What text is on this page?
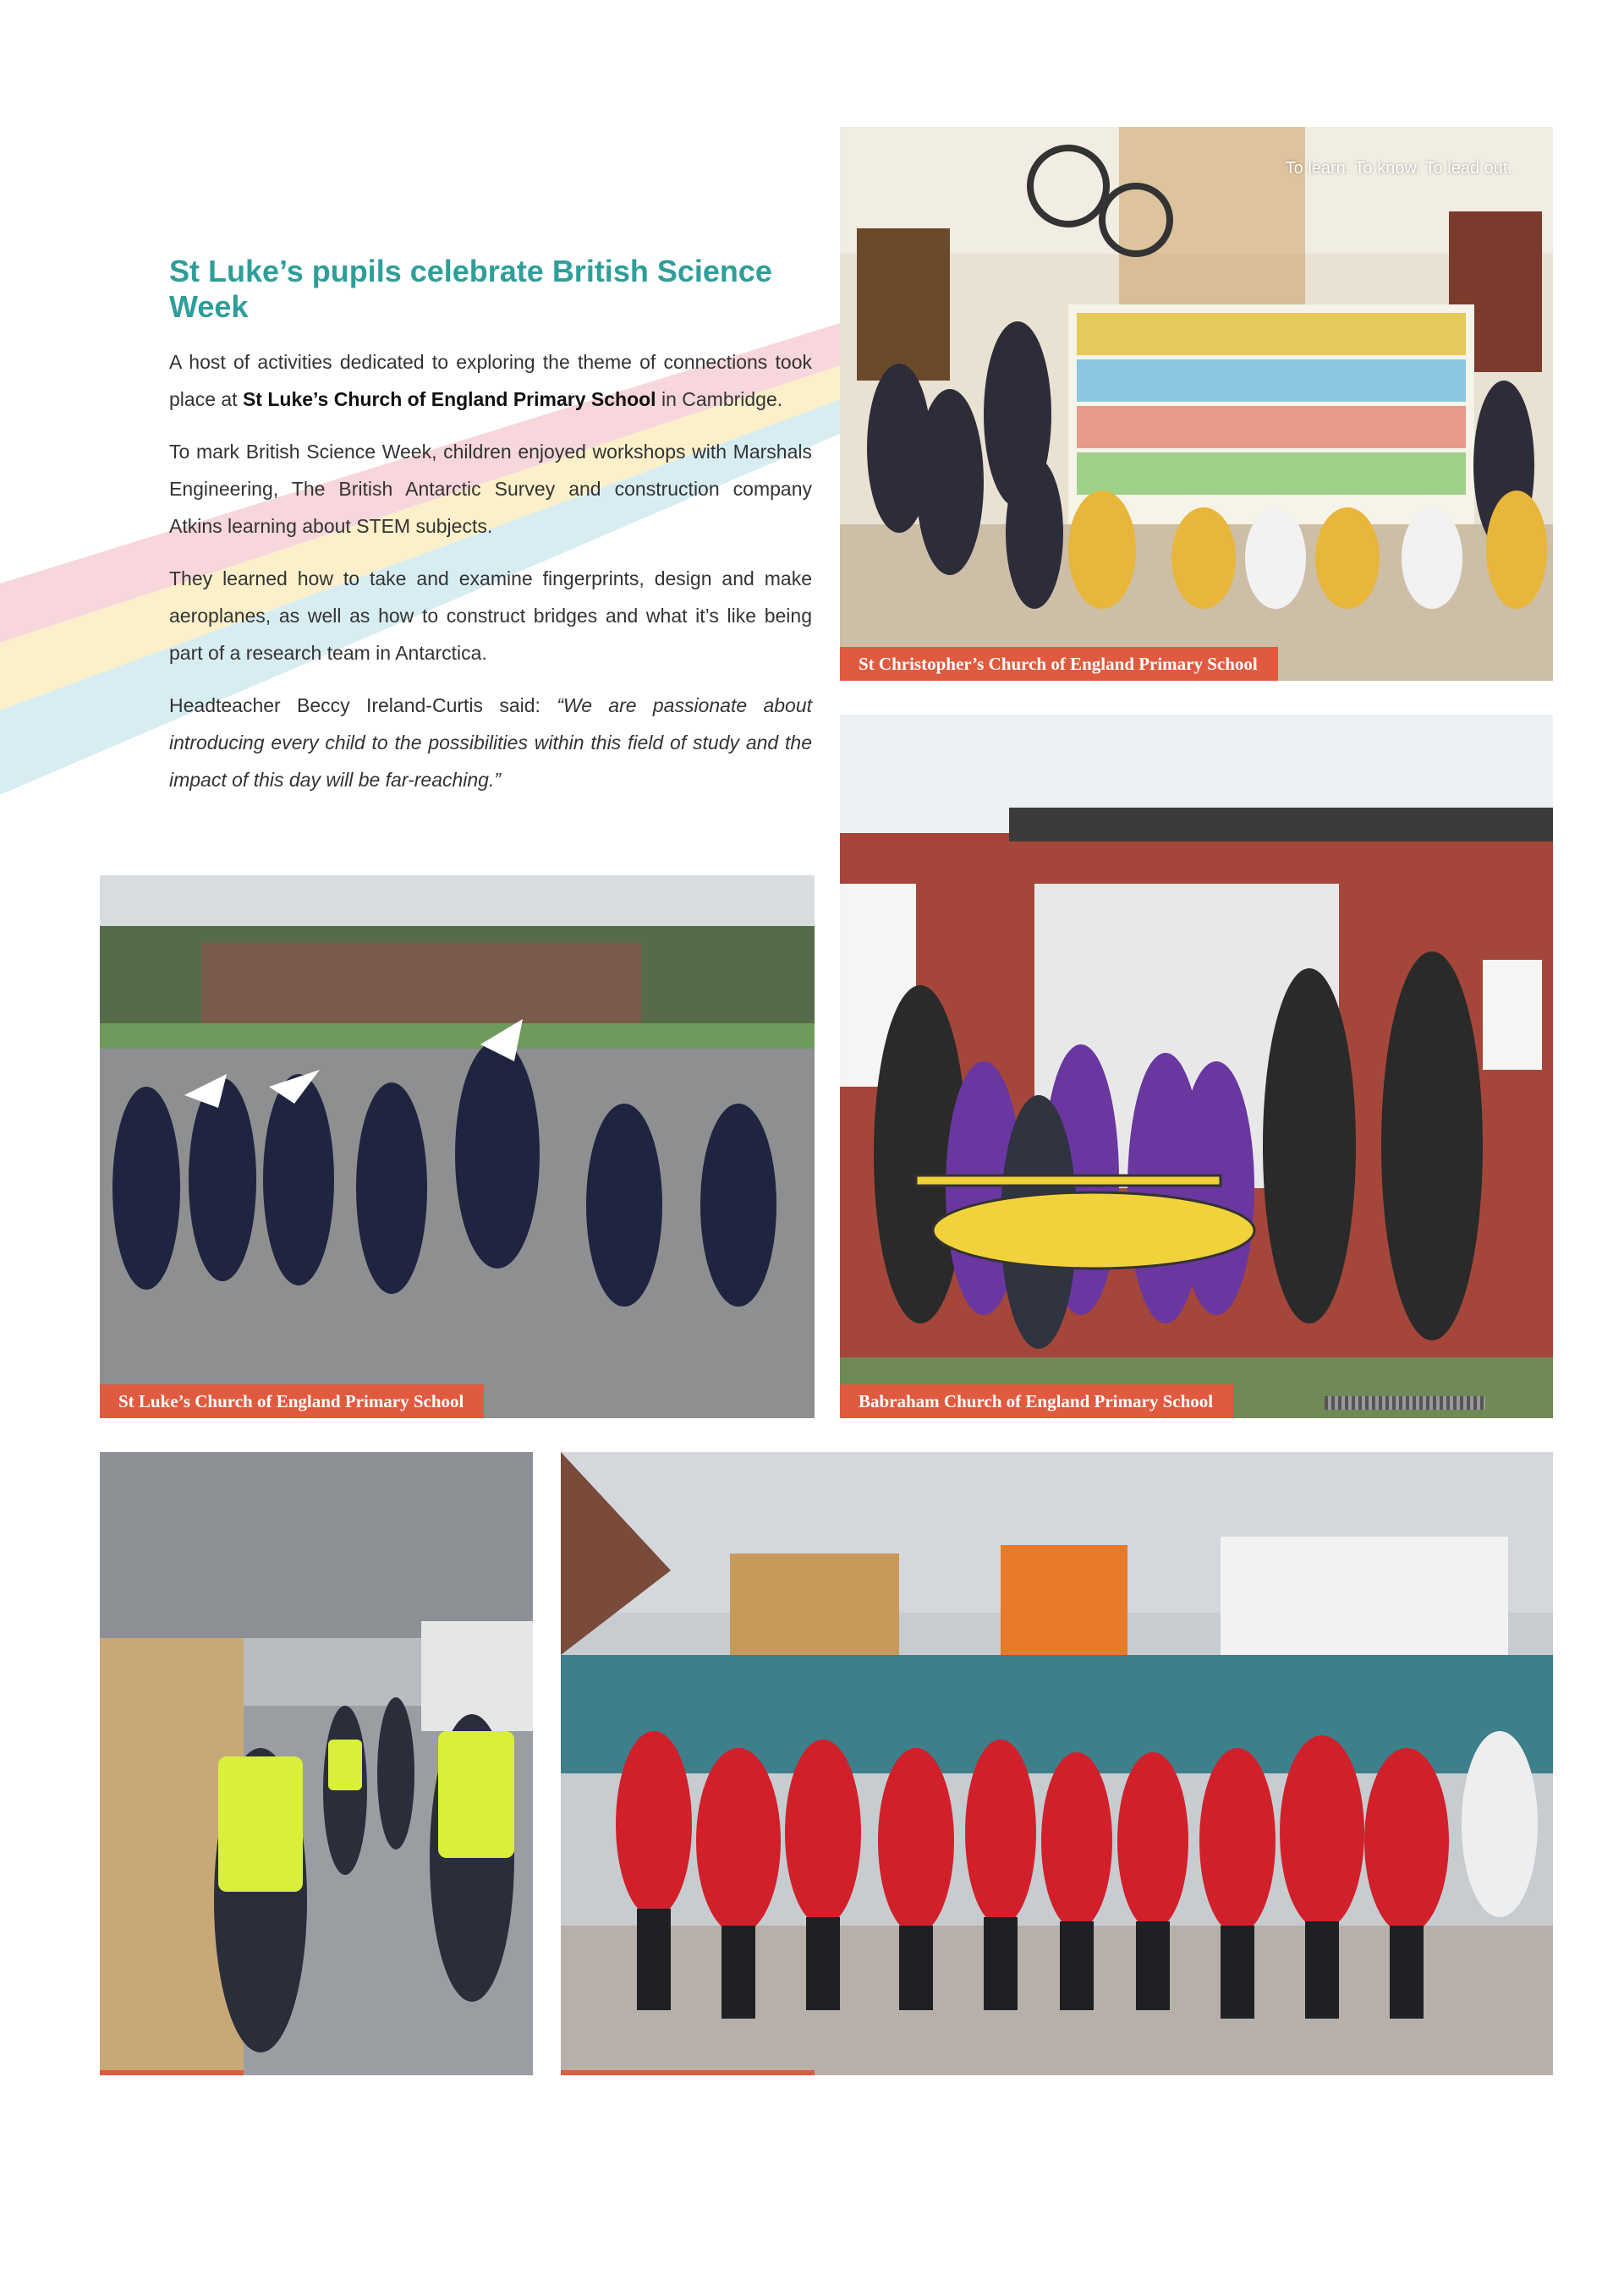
St Luke’s pupils celebrate British Science Week

A host of activities dedicated to exploring the theme of connections took place at St Luke’s Church of England Primary School in Cambridge.

To mark British Science Week, children enjoyed workshops with Marshals Engineering, The British Antarctic Survey and construction company Atkins learning about STEM subjects.

They learned how to take and examine fingerprints, design and make aeroplanes, as well as how to construct bridges and what it’s like being part of a research team in Antarctica.

Headteacher Beccy Ireland-Curtis said: “We are passionate about introducing every child to the possibilities within this field of study and the impact of this day will be far-reaching.”

To learn. To know. To lead out.
St Christopher’s Church of England Primary School
St Luke’s Church of England Primary School	Babraham Church of England Primary School
